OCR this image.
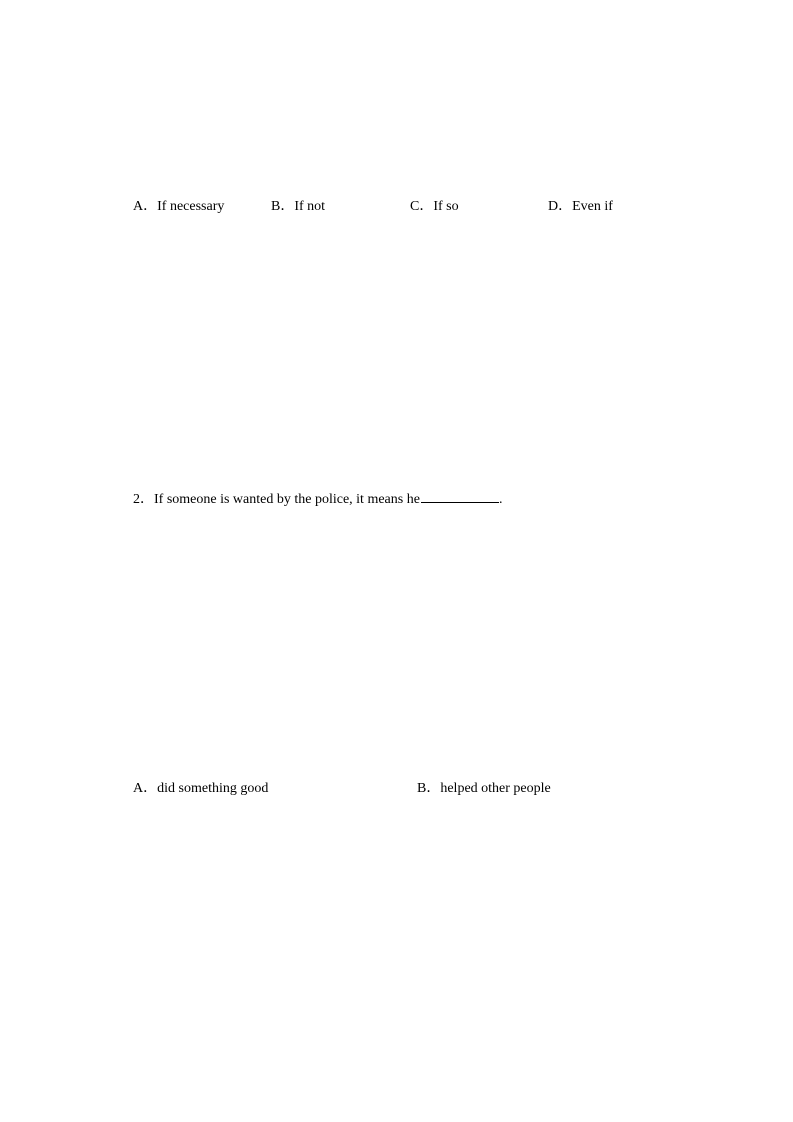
A．If necessary	B．If not	C．If so	D．Even if
2．If someone is wanted by the police, it means he	.
A．did something good	B．helped other people
